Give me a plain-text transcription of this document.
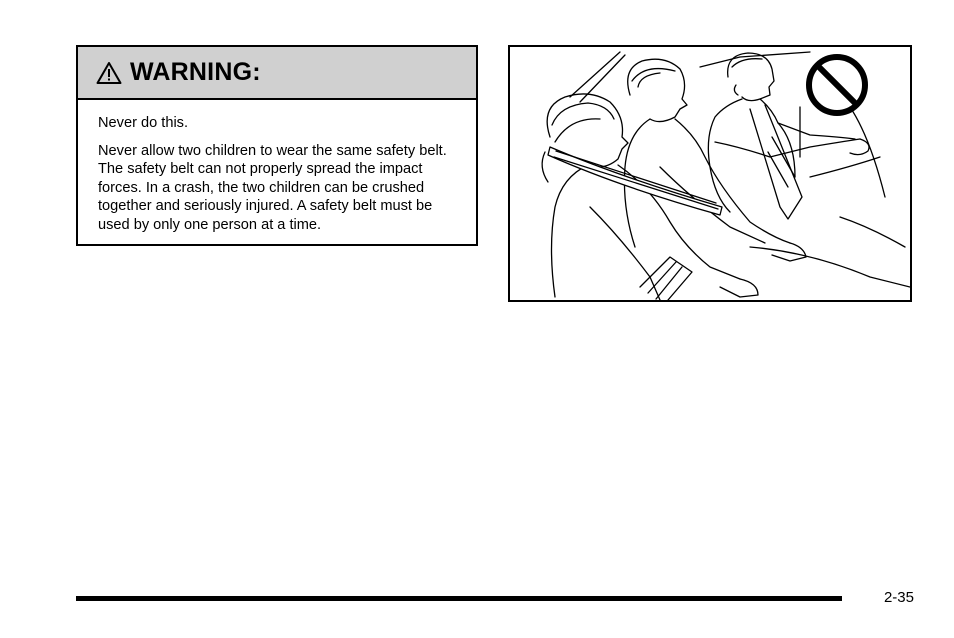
WARNING:

Never do this.

Never allow two children to wear the same safety belt. The safety belt can not properly spread the impact forces. In a crash, the two children can be crushed together and seriously injured. A safety belt must be used by only one person at a time.

2-35
